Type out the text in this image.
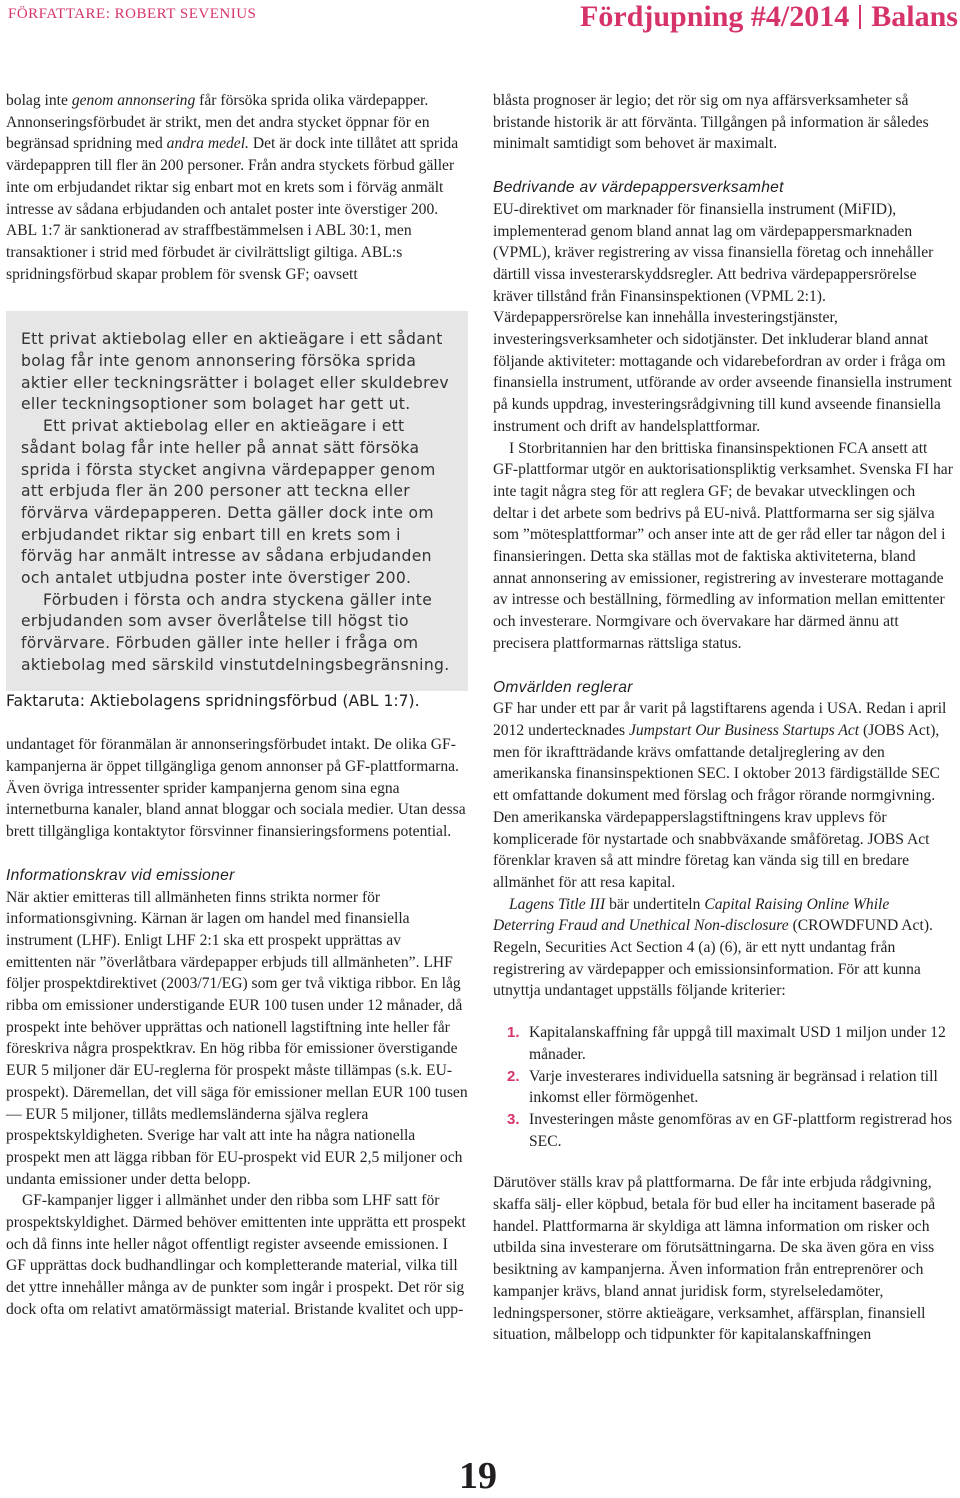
FÖRFATTARE: ROBERT SEVENIUS	Fördjupning #4/2014 Balans

bolag inte genom annonsering får försöka sprida olika värdepapper. Annonseringsförbudet är strikt, men det andra stycket öppnar för en begränsad spridning med andra medel. Det är dock inte tillåtet att sprida värdepappren till fler än 200 personer. Från andra styckets förbud gäller inte om erbjudandet riktar sig enbart mot en krets som i förväg anmält intresse av sådana erbjudanden och antalet poster inte överstiger 200. ABL 1:7 är sanktionerad av straffbestämmelsen i ABL 30:1, men transaktioner i strid med förbudet är civilrättsligt giltiga. ABL:s spridningsförbud skapar problem för svensk GF; oavsett

Ett privat aktiebolag eller en aktieägare i ett sådant bolag får inte genom annonsering försöka sprida aktier eller teckningsrätter i bolaget eller skuldebrev eller teckningsoptioner som bolaget har gett ut.

Ett privat aktiebolag eller en aktieägare i ett sådant bolag får inte heller på annat sätt försöka sprida i första stycket angivna värdepapper genom att erbjuda fler än 200 personer att teckna eller förvärva värdepapperen. Detta gäller dock inte om erbjudandet riktar sig enbart till en krets som i förväg har anmält intresse av sådana erbjudanden och antalet utbjudna poster inte överstiger 200.

Förbuden i första och andra styckena gäller inte erbjudanden som avser överlåtelse till högst tio förvärvare. Förbuden gäller inte heller i fråga om aktiebolag med särskild vinstutdelningsbegränsning.

Faktaruta: Aktiebolagens spridningsförbud (ABL 1:7).

undantaget för föranmälan är annonseringsförbudet intakt. De olika GF-kampanjerna är öppet tillgängliga genom annonser på GF-plattformarna. Även övriga intressenter sprider kampanjerna genom sina egna internetburna kanaler, bland annat bloggar och sociala medier. Utan dessa brett tillgängliga kontaktytor försvinner finansieringsformens potential.

Informationskrav vid emissioner

När aktier emitteras till allmänheten finns strikta normer för informationsgivning. Kärnan är lagen om handel med finansiella instrument (LHF). Enligt LHF 2:1 ska ett prospekt upprättas av emittenten när ”överlåtbara värdepapper erbjuds till allmänheten”. LHF följer prospektdirektivet (2003/71/EG) som ger två viktiga ribbor. En låg ribba om emissioner understigande EUR 100 tusen under 12 månader, då prospekt inte behöver upprättas och nationell lagstiftning inte heller får föreskriva några prospektkrav. En hög ribba för emissioner överstigande EUR 5 miljoner där EU-reglerna för prospekt måste tillämpas (s.k. EU-prospekt). Däremellan, det vill säga för emissioner mellan EUR 100 tusen — EUR 5 miljoner, tillåts medlemsländerna själva reglera prospektskyldigheten. Sverige har valt att inte ha några nationella prospekt men att lägga ribban för EU-prospekt vid EUR 2,5 miljoner och undanta emissioner under detta belopp.

GF-kampanjer ligger i allmänhet under den ribba som LHF satt för prospektskyldighet. Därmed behöver emittenten inte upprätta ett prospekt och då finns inte heller något offentligt register avseende emissionen. I GF upprättas dock budhandlingar och kompletterande material, vilka till det yttre innehåller många av de punkter som ingår i prospekt. Det rör sig dock ofta om relativt amatörmässigt material. Bristande kvalitet och upp-

blåsta prognoser är legio; det rör sig om nya affärsverksamheter så bristande historik är att förvänta. Tillgången på information är således minimalt samtidigt som behovet är maximalt.

Bedrivande av värdepappersverksamhet

EU-direktivet om marknader för finansiella instrument (MiFID), implementerad genom bland annat lag om värdepappersmarknaden (VPML), kräver registrering av vissa finansiella företag och innehåller därtill vissa investerarskyddsregler. Att bedriva värdepappersrörelse kräver tillstånd från Finansinspektionen (VPML 2:1). Värdepappersrörelse kan innehålla investeringstjänster, investeringsverksamheter och sidotjänster. Det inkluderar bland annat följande aktiviteter: mottagande och vidarebefordran av order i fråga om finansiella instrument, utförande av order avseende finansiella instrument på kunds uppdrag, investeringsrådgivning till kund avseende finansiella instrument och drift av handelsplattformar.

I Storbritannien har den brittiska finansinspektionen FCA ansett att GF-plattformar utgör en auktorisationspliktig verksamhet. Svenska FI har inte tagit några steg för att reglera GF; de bevakar utvecklingen och deltar i det arbete som bedrivs på EU-nivå. Plattformarna ser sig själva som ”mötesplattformar” och anser inte att de ger råd eller tar någon del i finansieringen. Detta ska ställas mot de faktiska aktiviteterna, bland annat annonsering av emissioner, registrering av investerare mottagande av intresse och beställning, förmedling av information mellan emittenter och investerare. Normgivare och övervakare har därmed ännu att precisera plattformarnas rättsliga status.

Omvärlden reglerar

GF har under ett par år varit på lagstiftarens agenda i USA. Redan i april 2012 undertecknades Jumpstart Our Business Startups Act (JOBS Act), men för ikraftträdande krävs omfattande detaljreglering av den amerikanska finansinspektionen SEC. I oktober 2013 färdigställde SEC ett omfattande dokument med förslag och frågor rörande normgivning. Den amerikanska värdepapperslagstiftningens krav upplevs för komplicerade för nystartade och snabbväxande småföretag. JOBS Act förenklar kraven så att mindre företag kan vända sig till en bredare allmänhet för att resa kapital.

Lagens Title III bär undertiteln Capital Raising Online While Deterring Fraud and Unethical Non-disclosure (CROWDFUND Act). Regeln, Securities Act Section 4 (a) (6), är ett nytt undantag från registrering av värdepapper och emissionsinformation. För att kunna utnyttja undantaget uppställs följande kriterier:

1. Kapitalanskaffning får uppgå till maximalt USD 1 miljon under 12 månader.
2. Varje investerares individuella satsning är begränsad i relation till inkomst eller förmögenhet.
3. Investeringen måste genomföras av en GF-plattform registrerad hos SEC.

Därutöver ställs krav på plattformarna. De får inte erbjuda rådgivning, skaffa sälj- eller köpbud, betala för bud eller ha incitament baserade på handel. Plattformarna är skyldiga att lämna information om risker och utbilda sina investerare om förutsättningarna. De ska även göra en viss besiktning av kampanjerna. Även information från entreprenörer och kampanjer krävs, bland annat juridisk form, styrelseledamöter, ledningspersoner, större aktieägare, verksamhet, affärsplan, finansiell situation, målbelopp och tidpunkter för kapitalanskaffningen

19
